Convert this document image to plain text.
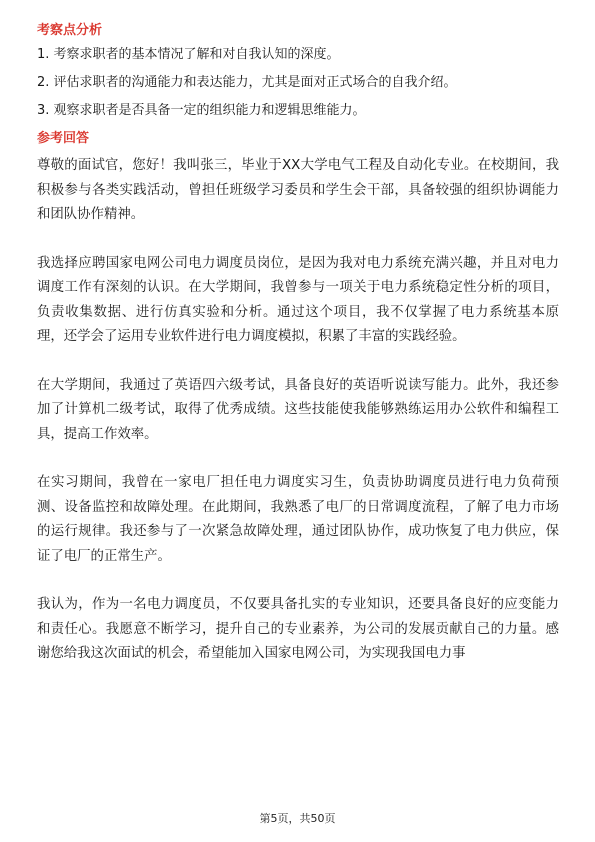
考察点分析
1. 考察求职者的基本情况了解和对自我认知的深度。
2. 评估求职者的沟通能力和表达能力，尤其是面对正式场合的自我介绍。
3. 观察求职者是否具备一定的组织能力和逻辑思维能力。
参考回答

尊敬的面试官，您好！我叫张三，毕业于XX大学电气工程及自动化专业。在校期间，我积极参与各类实践活动，曾担任班级学习委员和学生会干部，具备较强的组织协调能力和团队协作精神。

我选择应聘国家电网公司电力调度员岗位，是因为我对电力系统充满兴趣，并且对电力调度工作有深刻的认识。在大学期间，我曾参与一项关于电力系统稳定性分析的项目，负责收集数据、进行仿真实验和分析。通过这个项目，我不仅掌握了电力系统基本原理，还学会了运用专业软件进行电力调度模拟，积累了丰富的实践经验。

在大学期间，我通过了英语四六级考试，具备良好的英语听说读写能力。此外，我还参加了计算机二级考试，取得了优秀成绩。这些技能使我能够熟练运用办公软件和编程工具，提高工作效率。

在实习期间，我曾在一家电厂担任电力调度实习生，负责协助调度员进行电力负荷预测、设备监控和故障处理。在此期间，我熟悉了电厂的日常调度流程，了解了电力市场的运行规律。我还参与了一次紧急故障处理，通过团队协作，成功恢复了电力供应，保证了电厂的正常生产。

我认为，作为一名电力调度员，不仅要具备扎实的专业知识，还要具备良好的应变能力和责任心。我愿意不断学习，提升自己的专业素养，为公司的发展贡献自己的力量。感谢您给我这次面试的机会，希望能加入国家电网公司，为实现我国电力事

第5页，共50页
